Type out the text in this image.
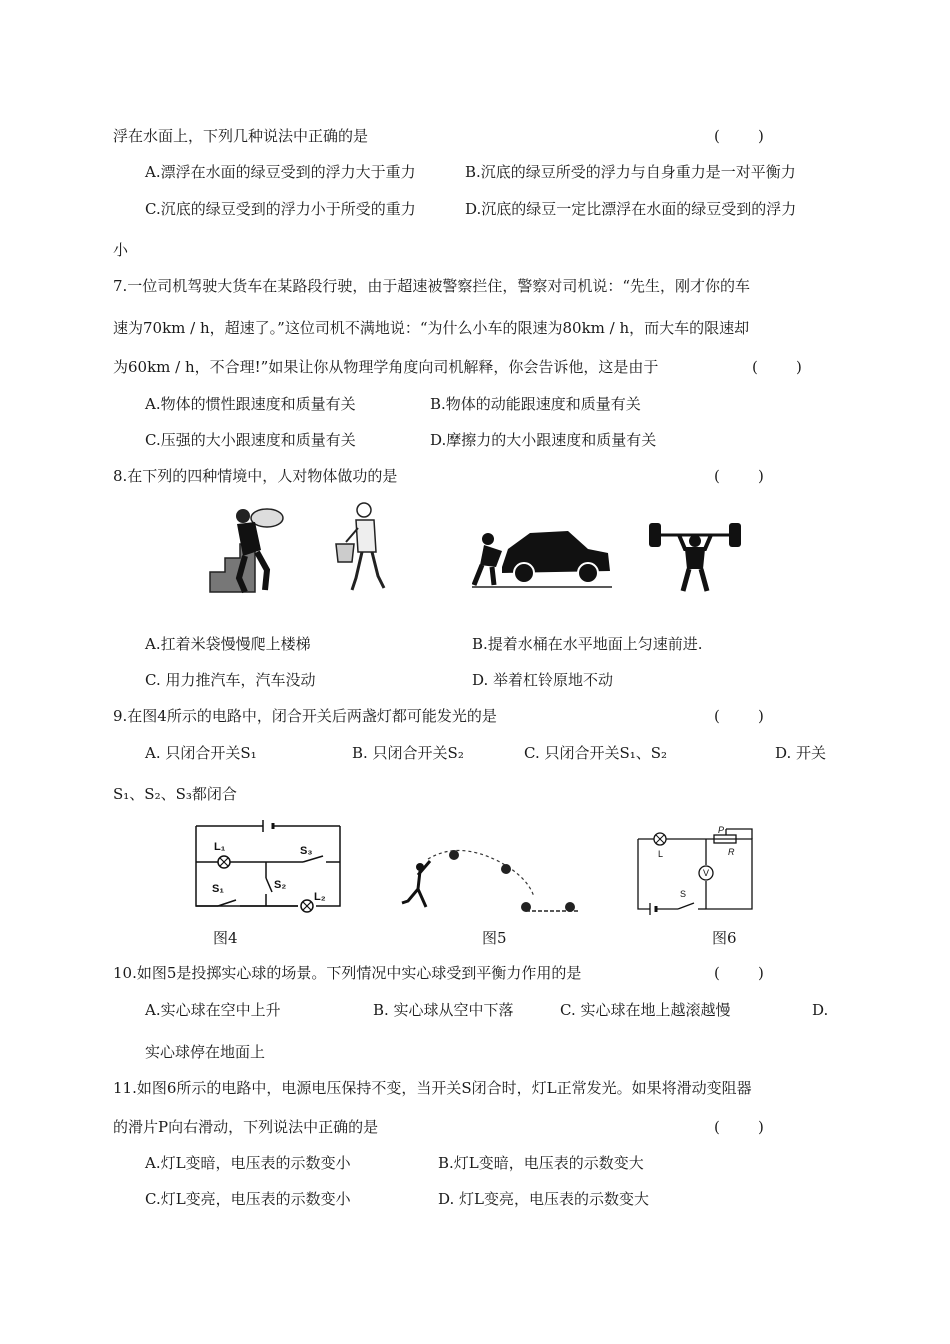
浮在水面上，下列几种说法中正确的是	(        )
A.漂浮在水面的绿豆受到的浮力大于重力	B.沉底的绿豆所受的浮力与自身重力是一对平衡力
C.沉底的绿豆受到的浮力小于所受的重力	D.沉底的绿豆一定比漂浮在水面的绿豆受到的浮力
小
7.一位司机驾驶大货车在某路段行驶，由于超速被警察拦住，警察对司机说：“先生，刚才你的车
速为70km / h，超速了。”这位司机不满地说：“为什么小车的限速为80km / h，而大车的限速却
为60km / h，不合理!”如果让你从物理学角度向司机解释，你会告诉他，这是由于	(        )
A.物体的惯性跟速度和质量有关	B.物体的动能跟速度和质量有关
C.压强的大小跟速度和质量有关	D.摩擦力的大小跟速度和质量有关
8.在下列的四种情境中，人对物体做功的是	(        )
A.扛着米袋慢慢爬上楼梯	B.提着水桶在水平地面上匀速前进.
C. 用力推汽车，汽车没动	D. 举着杠铃原地不动
9.在图4所示的电路中，闭合开关后两盏灯都可能发光的是	(        )
A. 只闭合开关S₁	B. 只闭合开关S₂	C. 只闭合开关S₁、S₂	D. 开关
S₁、S₂、S₃都闭合
L₁	S₃
S₁	S₂
L₂
L
P
R
V
S
图4	图5	图6
10.如图5是投掷实心球的场景。下列情况中实心球受到平衡力作用的是	(        )
A.实心球在空中上升	B. 实心球从空中下落	C. 实心球在地上越滚越慢	D.
实心球停在地面上
11.如图6所示的电路中，电源电压保持不变，当开关S闭合时，灯L正常发光。如果将滑动变阻器
的滑片P向右滑动，下列说法中正确的是	(        )
A.灯L变暗，电压表的示数变小	B.灯L变暗，电压表的示数变大
C.灯L变亮，电压表的示数变小	D. 灯L变亮，电压表的示数变大
